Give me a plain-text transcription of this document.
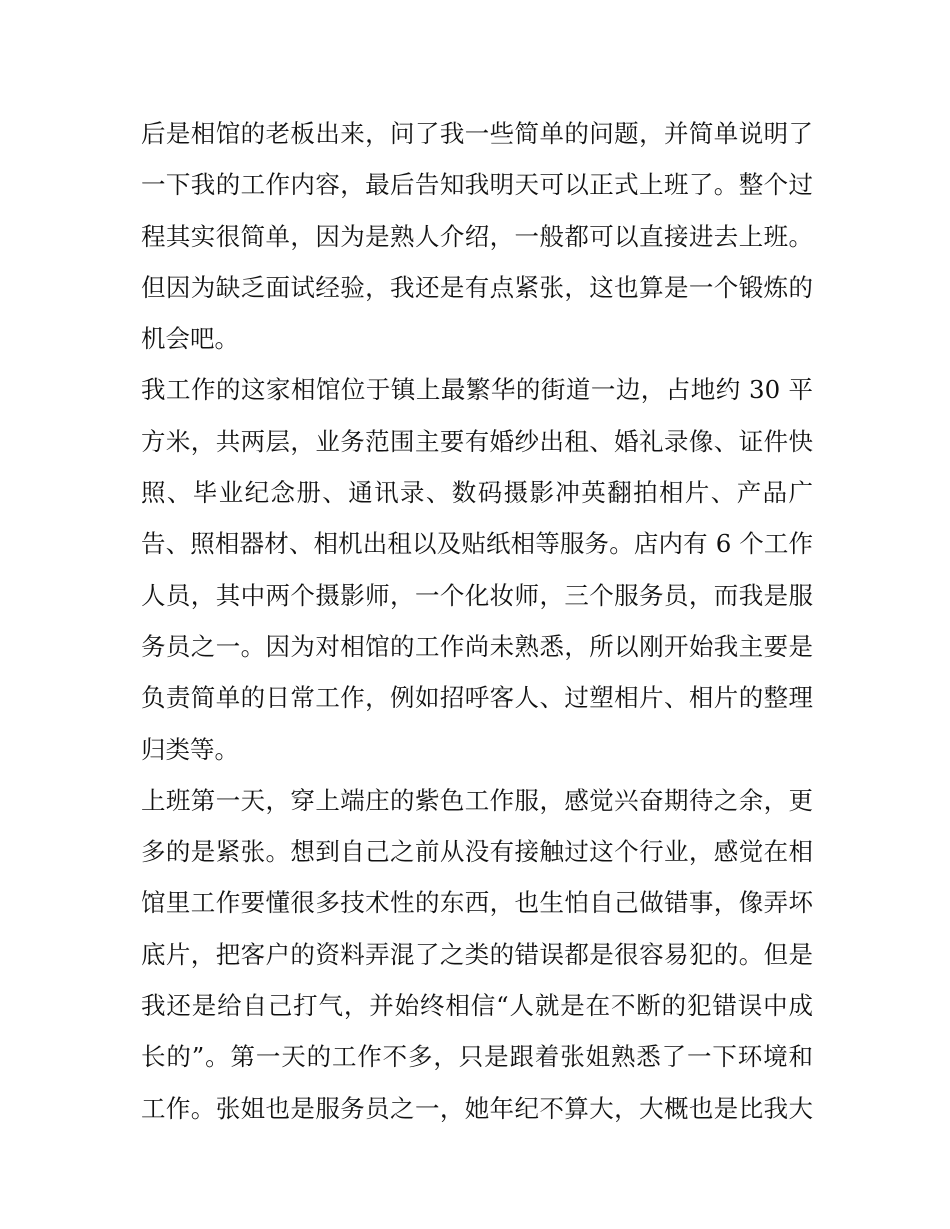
后是相馆的老板出来，问了我一些简单的问题，并简单说明了
一下我的工作内容，最后告知我明天可以正式上班了。整个过
程其实很简单，因为是熟人介绍，一般都可以直接进去上班。
但因为缺乏面试经验，我还是有点紧张，这也算是一个锻炼的
机会吧。
我工作的这家相馆位于镇上最繁华的街道一边，占地约 30 平
方米，共两层，业务范围主要有婚纱出租、婚礼录像、证件快
照、毕业纪念册、通讯录、数码摄影冲英翻拍相片、产品广
告、照相器材、相机出租以及贴纸相等服务。店内有 6 个工作
人员，其中两个摄影师，一个化妆师，三个服务员，而我是服
务员之一。因为对相馆的工作尚未熟悉，所以刚开始我主要是
负责简单的日常工作，例如招呼客人、过塑相片、相片的整理
归类等。
上班第一天，穿上端庄的紫色工作服，感觉兴奋期待之余，更
多的是紧张。想到自己之前从没有接触过这个行业，感觉在相
馆里工作要懂很多技术性的东西，也生怕自己做错事，像弄坏
底片，把客户的资料弄混了之类的错误都是很容易犯的。但是
我还是给自己打气，并始终相信“人就是在不断的犯错误中成
长的”。第一天的工作不多，只是跟着张姐熟悉了一下环境和
工作。张姐也是服务员之一，她年纪不算大，大概也是比我大
